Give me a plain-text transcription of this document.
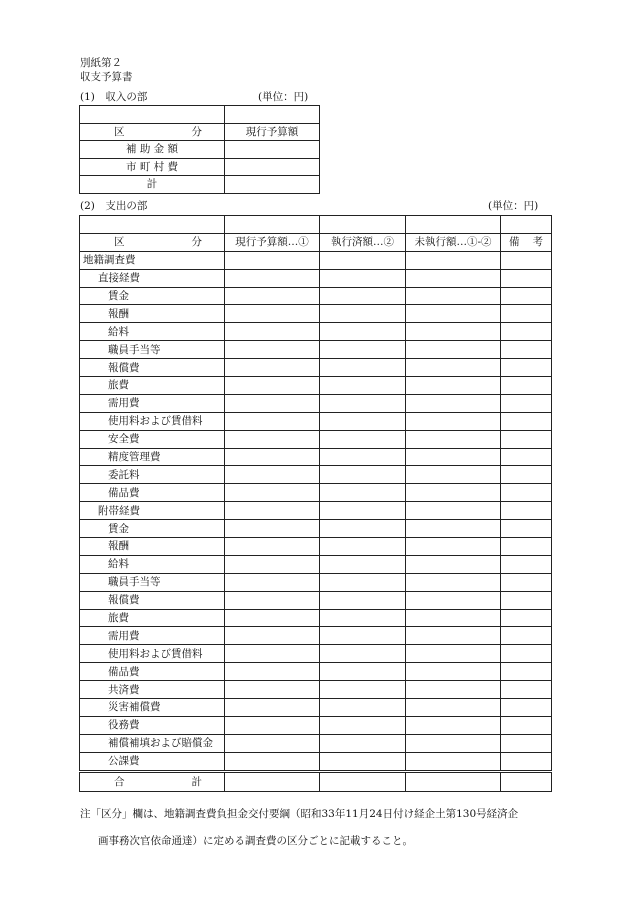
別紙第２
収支予算書
(1)　収入の部	(単位：円)

区 分	現行予算額
補 助 金 額	
市 町 村 費	
計	
(2)　支出の部	(単位：円)

区 分	現行予算額…①	執行済額…②	未執行額…①-②	備 考

地籍調査費				
直接経費				
賃金				
報酬				
給料				
職員手当等				
報償費				
旅費				
需用費				
使用料および賃借料				
安全費				
精度管理費				
委託料				
備品費				
附帯経費				
賃金				
報酬				
給料				
職員手当等				
報償費				
旅費				
需用費				
使用料および賃借料				
備品費				
共済費				
災害補償費				
役務費				
補償補填および賠償金				
公課費				

合 計				

注「区分」欄は、地籍調査費負担金交付要綱（昭和33年11月24日付け経企土第130号経済企
画事務次官依命通達）に定める調査費の区分ごとに記載すること。
